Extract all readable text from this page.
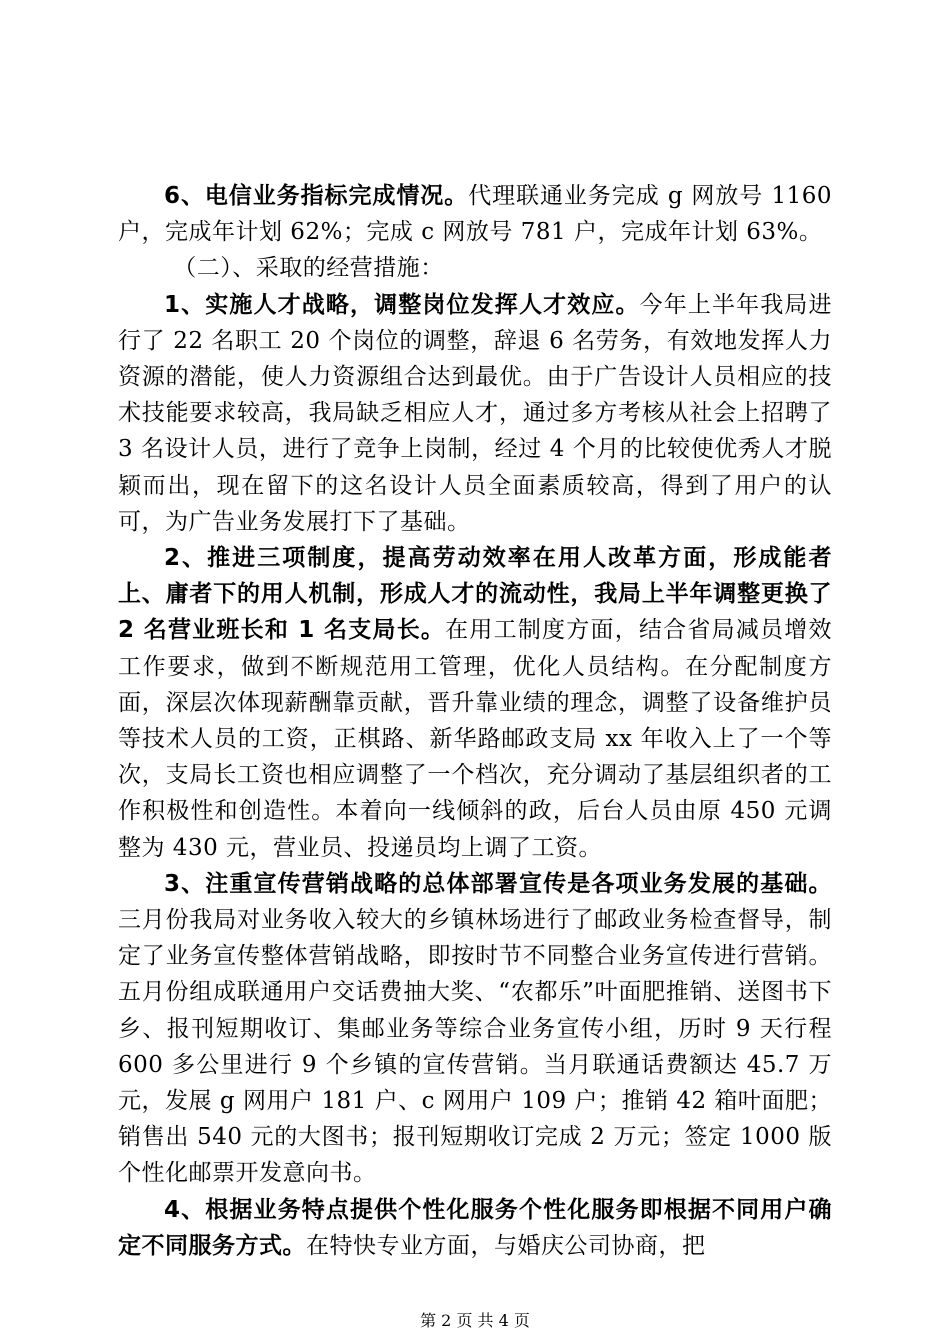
6、电信业务指标完成情况。代理联通业务完成 g 网放号 1160 户，完成年计划 62%；完成 c 网放号 781 户，完成年计划 63%。

（二）、采取的经营措施：

1、实施人才战略，调整岗位发挥人才效应。今年上半年我局进行了 22 名职工 20 个岗位的调整，辞退 6 名劳务，有效地发挥人力资源的潜能，使人力资源组合达到最优。由于广告设计人员相应的技术技能要求较高，我局缺乏相应人才，通过多方考核从社会上招聘了 3 名设计人员，进行了竞争上岗制，经过 4 个月的比较使优秀人才脱颖而出，现在留下的这名设计人员全面素质较高，得到了用户的认可，为广告业务发展打下了基础。

2、推进三项制度，提高劳动效率在用人改革方面，形成能者上、庸者下的用人机制，形成人才的流动性，我局上半年调整更换了 2 名营业班长和 1 名支局长。在用工制度方面，结合省局减员增效工作要求，做到不断规范用工管理，优化人员结构。在分配制度方面，深层次体现薪酬靠贡献，晋升靠业绩的理念，调整了设备维护员等技术人员的工资，正棋路、新华路邮政支局 xx 年收入上了一个等次，支局长工资也相应调整了一个档次，充分调动了基层组织者的工作积极性和创造性。本着向一线倾斜的政，后台人员由原 450 元调整为 430 元，营业员、投递员均上调了工资。

3、注重宣传营销战略的总体部署宣传是各项业务发展的基础。三月份我局对业务收入较大的乡镇林场进行了邮政业务检查督导，制定了业务宣传整体营销战略，即按时节不同整合业务宣传进行营销。五月份组成联通用户交话费抽大奖、“农都乐”叶面肥推销、送图书下乡、报刊短期收订、集邮业务等综合业务宣传小组，历时 9 天行程 600 多公里进行 9 个乡镇的宣传营销。当月联通话费额达 45.7 万元，发展 g 网用户 181 户、c 网用户 109 户；推销 42 箱叶面肥；销售出 540 元的大图书；报刊短期收订完成 2 万元；签定 1000 版个性化邮票开发意向书。

4、根据业务特点提供个性化服务个性化服务即根据不同用户确定不同服务方式。在特快专业方面，与婚庆公司协商，把

第 2 页 共 4 页
